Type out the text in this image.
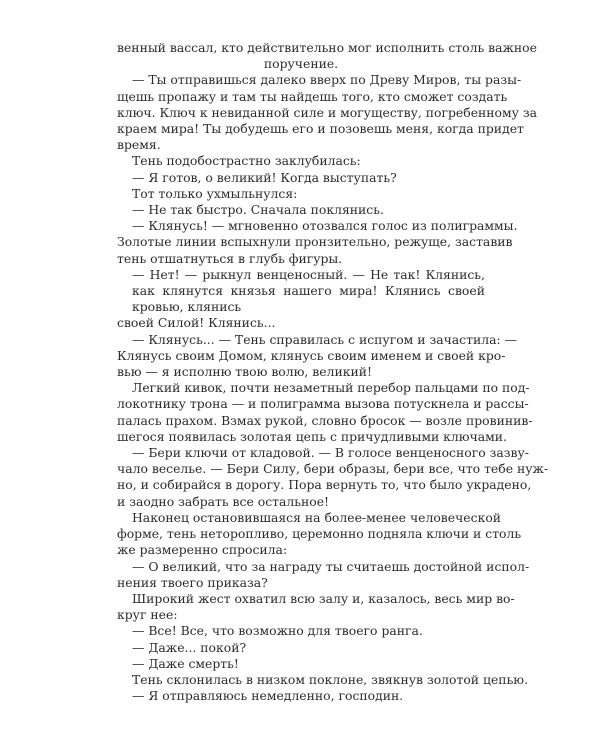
венный вассал, кто действительно мог исполнить столь важное
поручение.
— Ты отправишься далеко вверх по Древу Миров, ты разы-
щешь пропажу и там ты найдешь того, кто сможет создать
ключ. Ключ к невиданной силе и могуществу, погребенному за
краем мира! Ты добудешь его и позовешь меня, когда придет
время.
Тень подобострастно заклубилась:
— Я готов, о великий! Когда выступать?
Тот только ухмыльнулся:
— Не так быстро. Сначала поклянись.
— Клянусь! — мгновенно отозвался голос из полиграммы.
Золотые линии вспыхнули пронзительно, режуще, заставив
тень отшатнуться в глубь фигуры.
— Нет! — рыкнул венценосный. — Не так! Клянись, как клянутся князья нашего мира! Клянись своей кровью, клянись
своей Силой! Клянись...
— Клянусь... — Тень справилась с испугом и зачастила: —
Клянусь своим Домом, клянусь своим именем и своей кро-
вью — я исполню твою волю, великий!
Легкий кивок, почти незаметный перебор пальцами по под-
локотнику трона — и полиграмма вызова потускнела и рассы-
палась прахом. Взмах рукой, словно бросок — возле провинив-
шегося появилась золотая цепь с причудливыми ключами.
— Бери ключи от кладовой. — В голосе венценосного зазву-
чало веселье. — Бери Силу, бери образы, бери все, что тебе нуж-
но, и собирайся в дорогу. Пора вернуть то, что было украдено,
и заодно забрать все остальное!
Наконец остановившаяся на более-менее человеческой
форме, тень неторопливо, церемонно подняла ключи и столь
же размеренно спросила:
— О великий, что за награду ты считаешь достойной испол-
нения твоего приказа?
Широкий жест охватил всю залу и, казалось, весь мир во-
круг нее:
— Все! Все, что возможно для твоего ранга.
— Даже... покой?
— Даже смерть!
Тень склонилась в низком поклоне, звякнув золотой цепью.
— Я отправляюсь немедленно, господин.
